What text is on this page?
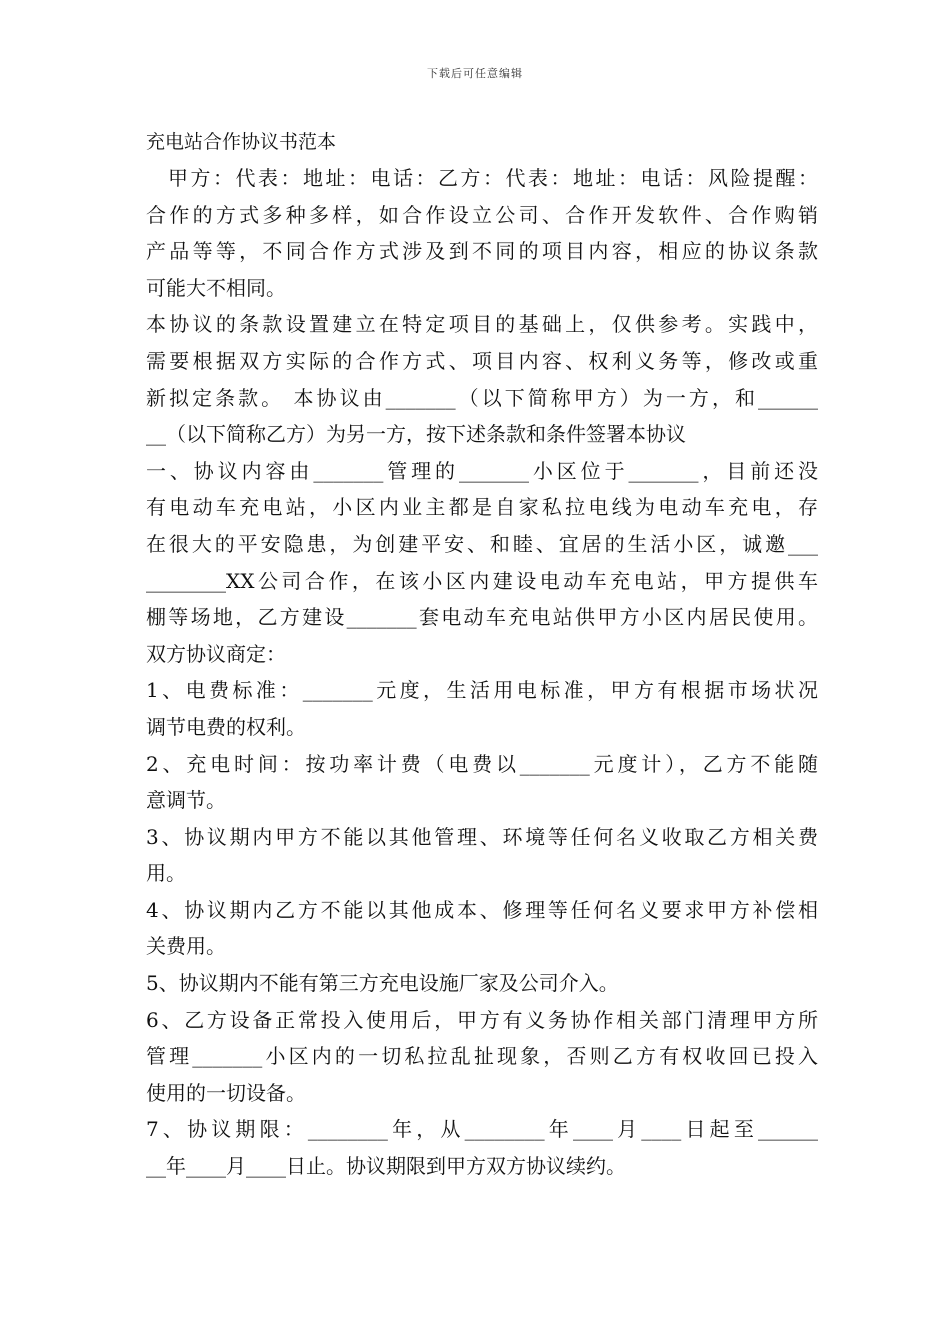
下载后可任意编辑
充电站合作协议书范本
甲方：代表：地址：电话：乙方：代表：地址：电话：风险提醒：
合作的方式多种多样，如合作设立公司、合作开发软件、合作购销
产品等等，不同合作方式涉及到不同的项目内容，相应的协议条款
可能大不相同。
本协议的条款设置建立在特定项目的基础上，仅供参考。实践中，
需要根据双方实际的合作方式、项目内容、权利义务等，修改或重
新拟定条款。 本协议由_______（以下简称甲方）为一方，和______
__（以下简称乙方）为另一方，按下述条款和条件签署本协议
一、协议内容由_______管理的_______小区位于_______，目前还没
有电动车充电站，小区内业主都是自家私拉电线为电动车充电，存
在很大的平安隐患，为创建平安、和睦、宜居的生活小区，诚邀___
________XX公司合作，在该小区内建设电动车充电站，甲方提供车
棚等场地，乙方建设_______套电动车充电站供甲方小区内居民使用。
双方协议商定：
1、电费标准：_______元度，生活用电标准，甲方有根据市场状况
调节电费的权利。
2、充电时间：按功率计费（电费以_______元度计），乙方不能随
意调节。
3、协议期内甲方不能以其他管理、环境等任何名义收取乙方相关费
用。
4、协议期内乙方不能以其他成本、修理等任何名义要求甲方补偿相
关费用。
5、协议期内不能有第三方充电设施厂家及公司介入。
6、乙方设备正常投入使用后，甲方有义务协作相关部门清理甲方所
管理_______小区内的一切私拉乱扯现象，否则乙方有权收回已投入
使用的一切设备。
7、协议期限：________年，从________年____月____日起至______
__年____月____日止。协议期限到甲方双方协议续约。
